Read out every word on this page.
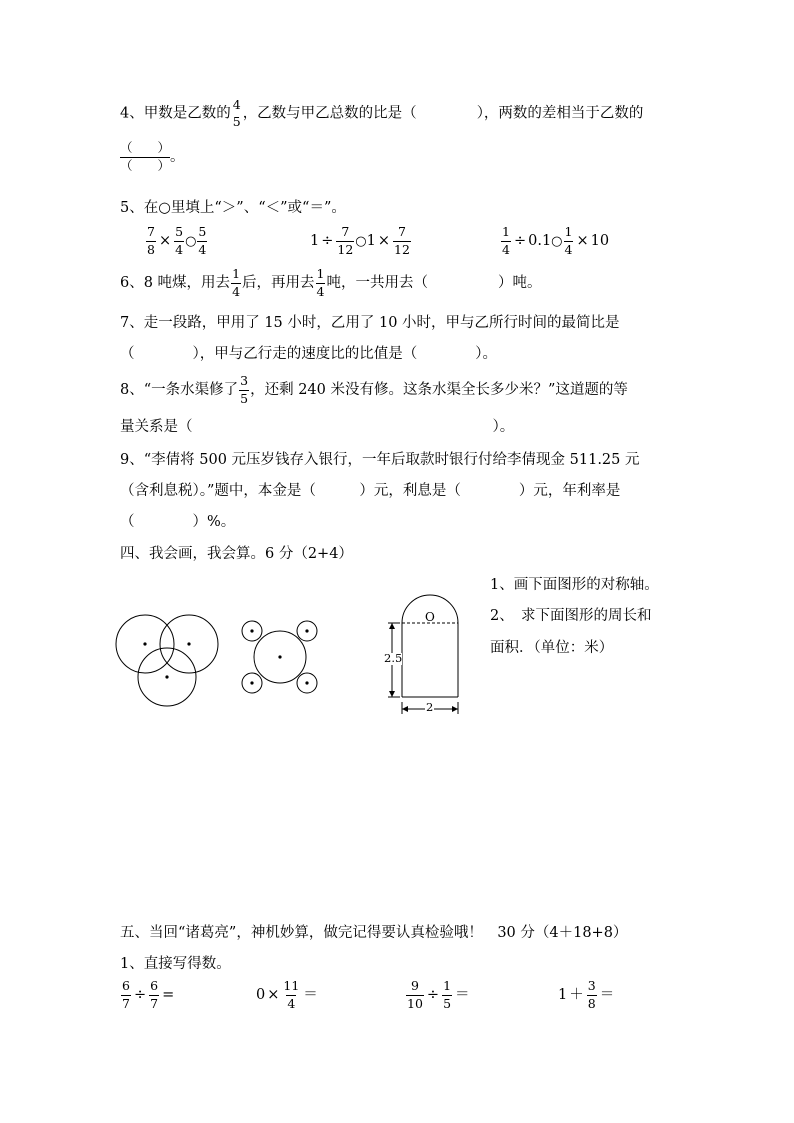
4、甲数是乙数的
4
5 ，乙数与甲乙总数的比是（	），两数的差相当于乙数的
（　　）
（　　） 。
5、在○里填上“＞”、“＜”或“＝”。
$\frac{7}{8} \times \frac{5}{4}$ ○ $\frac{5}{4}$	$1 \div \frac{7}{12}$ ○1 × $\frac{7}{12}$	$\frac{1}{4}$ ÷ 0.1○ $\frac{1}{4} \times 10$
6、8 吨煤，用去 $\frac{1}{4}$ 后，再用去 $\frac{1}{4}$ 吨，一共用去（	）吨。
7、走一段路，甲用了 15 小时，乙用了 10 小时，甲与乙所行时间的最简比是
（　　　　），甲与乙行走的速度比的比值是（　　　　）。
8、“一条水渠修了 $\frac{3}{5}$ ，还剩 240 米没有修。这条水渠全长多少米？”这道题的等
量关系是（	）。
9、“李倩将 500 元压岁钱存入银行，一年后取款时银行付给李倩现金 511.25 元
（含利息税）。”题中，本金是（　　　）元，利息是（　　　　）元，年利率是
（　　　　）%。
四、我会画，我会算。6 分（2+4）
1、画下面图形的对称轴。
2、　求下面图形的周长和
面积．（单位：米）
O
2.5
2
五、当回“诸葛亮”，神机妙算，做完记得要认真检验哦！　30 分（4＋18+8）
1、直接写得数。
$\frac{6}{7} \div \frac{6}{7}$ =	$0 \times \frac{11}{4}$ ＝	$\frac{9}{10} \div \frac{1}{5}$ ＝	$1 + \frac{3}{8}$ ＝
